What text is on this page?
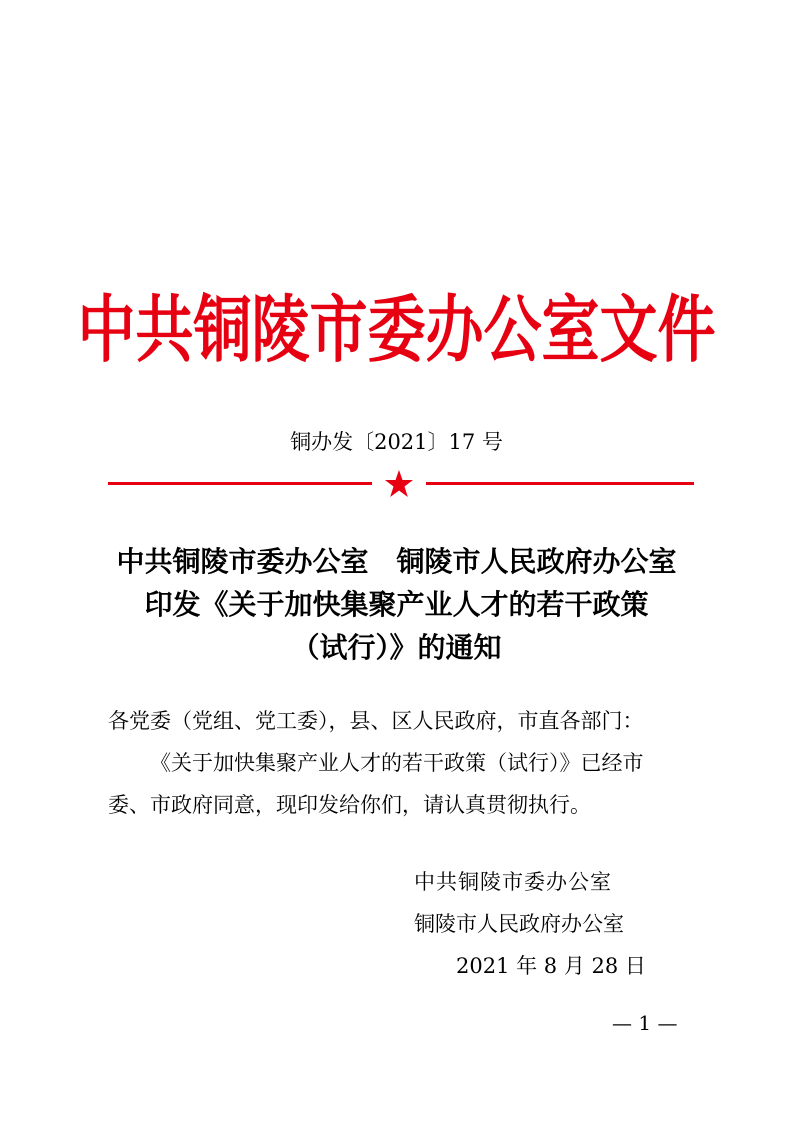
中共铜陵市委办公室文件
铜办发〔2021〕17 号
中共铜陵市委办公室　铜陵市人民政府办公室
印发《关于加快集聚产业人才的若干政策
（试行）》的通知
各党委（党组、党工委），县、区人民政府，市直各部门：
《关于加快集聚产业人才的若干政策（试行）》已经市
委、市政府同意，现印发给你们，请认真贯彻执行。
中共铜陵市委办公室
铜陵市人民政府办公室
2021 年 8 月 28 日
— 1 —
